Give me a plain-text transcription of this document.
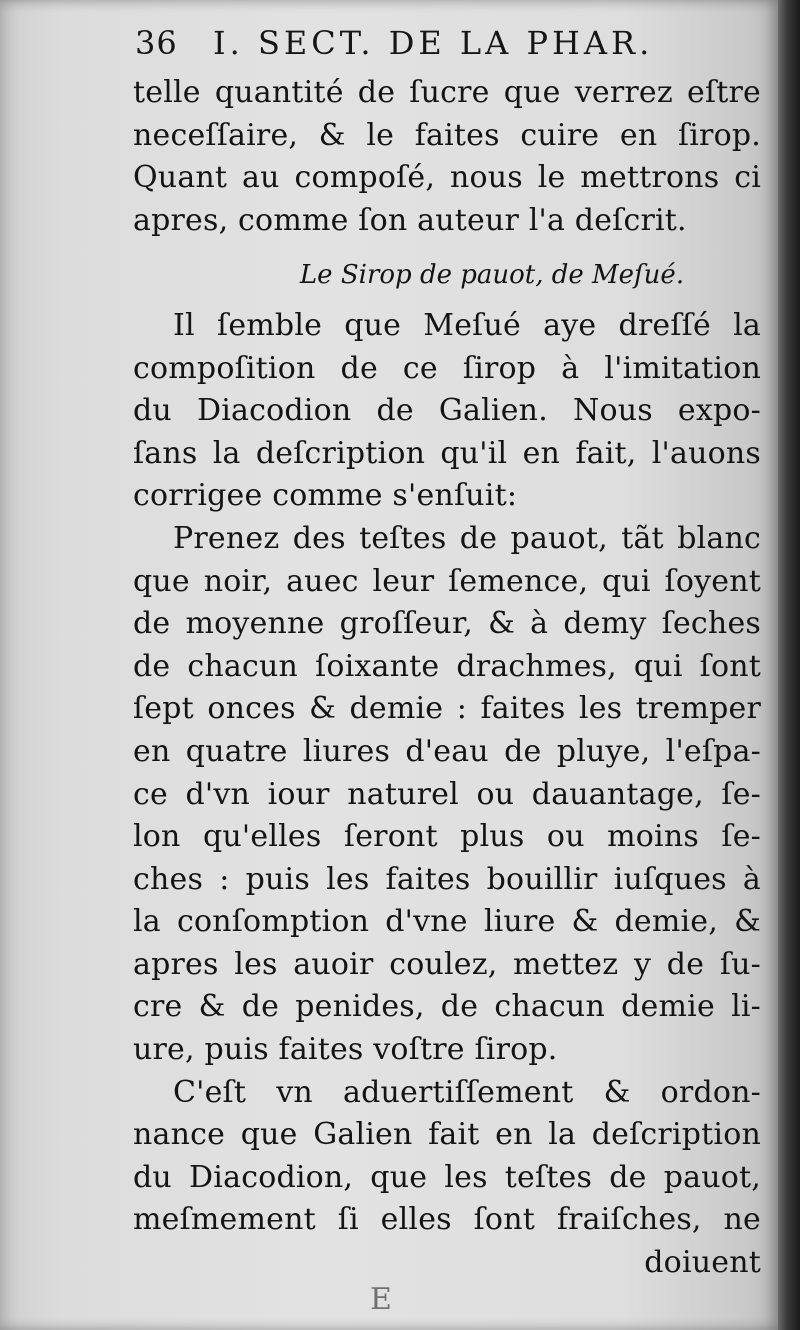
36 I. SECT. DE LA PHAR.
telle quantité de ſucre que verrez eſtre
neceſſaire, & le faites cuire en ſirop.
Quant au compoſé, nous le mettrons ci
apres, comme ſon auteur l'a deſcrit.
Le Sirop de pauot, de Meſué.
Il ſemble que Meſué aye dreſſé la
compoſition de ce ſirop à l'imitation
du Diacodion de Galien. Nous expo-
ſans la deſcription qu'il en fait, l'auons
corrigee comme s'enſuit:
Prenez des teſtes de pauot, tãt blanc
que noir, auec leur ſemence, qui ſoyent
de moyenne groſſeur, & à demy ſeches
de chacun ſoixante drachmes, qui ſont
ſept onces & demie : faites les tremper
en quatre liures d'eau de pluye, l'eſpa-
ce d'vn iour naturel ou dauantage, ſe-
lon qu'elles ſeront plus ou moins ſe-
ches : puis les faites bouillir iuſques à
la conſomption d'vne liure & demie, &
apres les auoir coulez, mettez y de ſu-
cre & de penides, de chacun demie li-
ure, puis faites voſtre ſirop.
C'eſt vn aduertiſſement & ordon-
nance que Galien fait en la deſcription
du Diacodion, que les teſtes de pauot,
meſmement ſi elles ſont fraiſches, ne
doiuent
E
